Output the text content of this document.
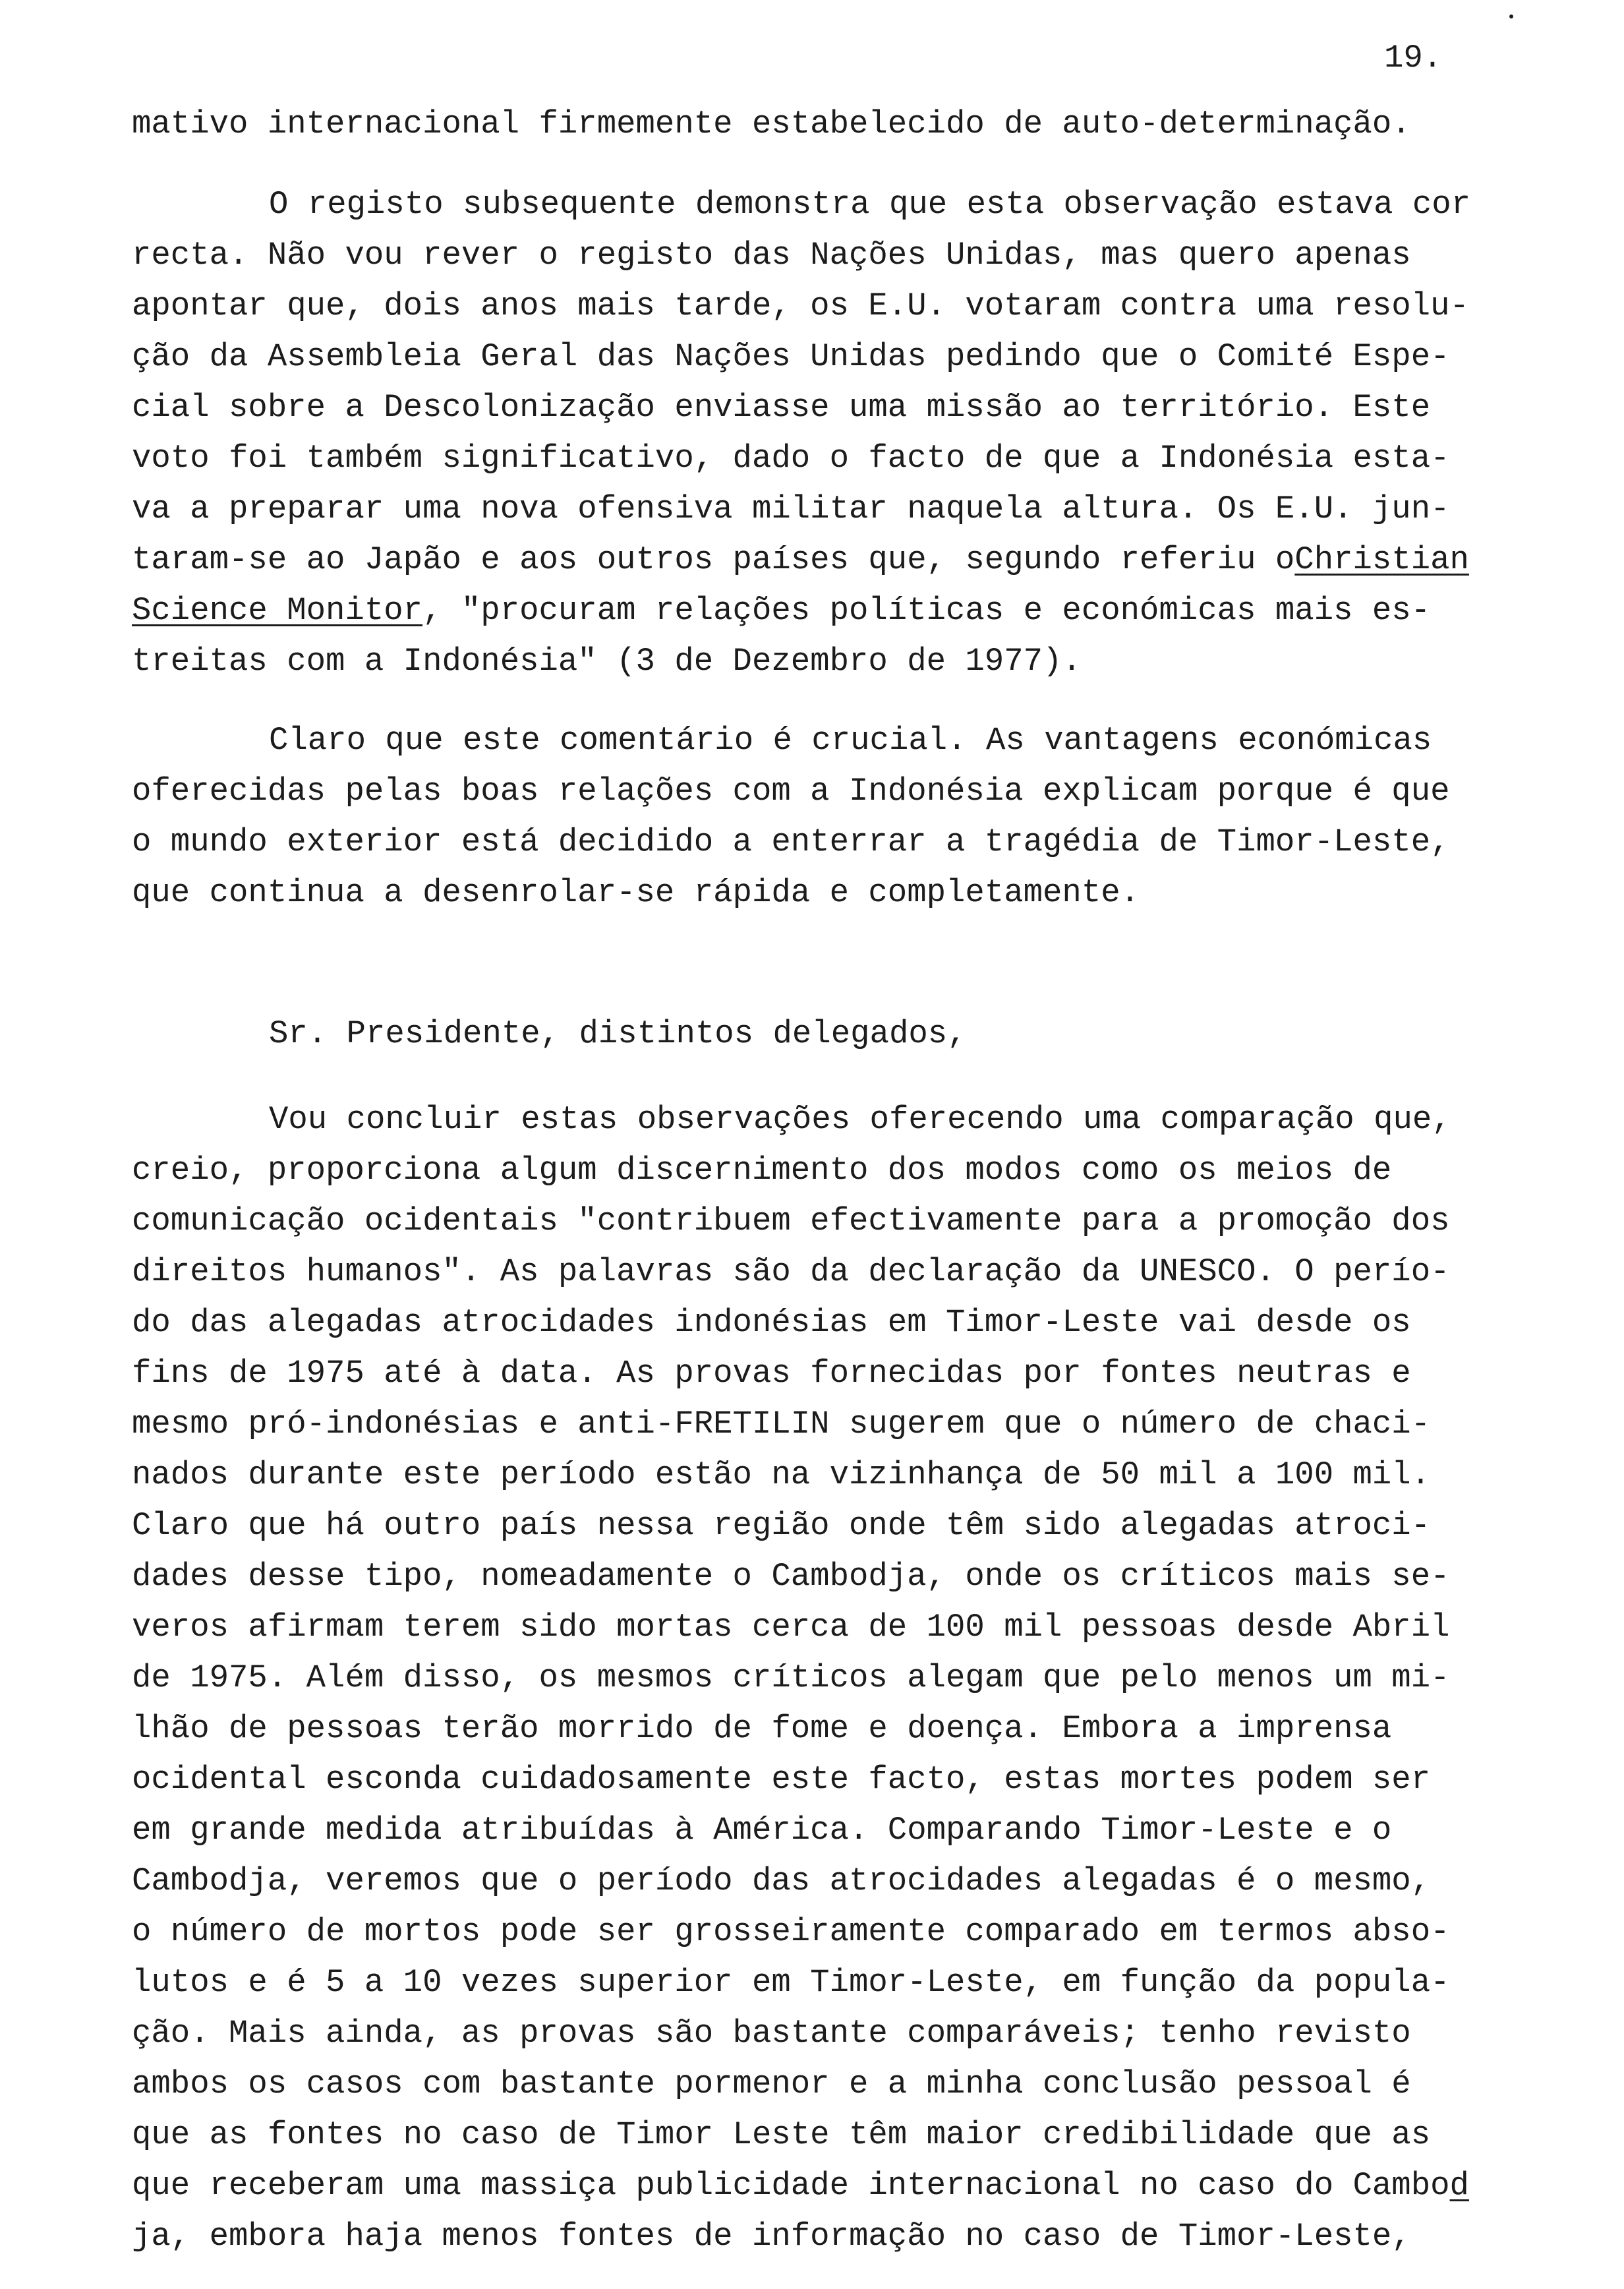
19.
mativo internacional firmemente estabelecido de auto-determinação.
O registo subsequente demonstra que esta observação estava cor
recta. Não vou rever o registo das Nações Unidas, mas quero apenas
apontar que, dois anos mais tarde, os E.U. votaram contra uma resolu-
ção da Assembleia Geral das Nações Unidas pedindo que o Comité Espe-
cial sobre a Descolonização enviasse uma missão ao território. Este
voto foi também significativo, dado o facto de que a Indonésia esta-
va a preparar uma nova ofensiva militar naquela altura. Os E.U. jun-
taram-se ao Japão e aos outros países que, segundo referiu oChristian
Science Monitor, "procuram relações políticas e económicas mais es-
treitas com a Indonésia" (3 de Dezembro de 1977).
Claro que este comentário é crucial. As vantagens económicas
oferecidas pelas boas relações com a Indonésia explicam porque é que
o mundo exterior está decidido a enterrar a tragédia de Timor-Leste,
que continua a desenrolar-se rápida e completamente.
Sr. Presidente, distintos delegados,
Vou concluir estas observações oferecendo uma comparação que,
creio, proporciona algum discernimento dos modos como os meios de
comunicação ocidentais "contribuem efectivamente para a promoção dos
direitos humanos". As palavras são da declaração da UNESCO. O perío-
do das alegadas atrocidades indonésias em Timor-Leste vai desde os
fins de 1975 até à data. As provas fornecidas por fontes neutras e
mesmo pró-indonésias e anti-FRETILIN sugerem que o número de chaci-
nados durante este período estão na vizinhança de 50 mil a 100 mil.
Claro que há outro país nessa região onde têm sido alegadas atroci-
dades desse tipo, nomeadamente o Cambodja, onde os críticos mais se-
veros afirmam terem sido mortas cerca de 100 mil pessoas desde Abril
de 1975. Além disso, os mesmos críticos alegam que pelo menos um mi-
lhão de pessoas terão morrido de fome e doença. Embora a imprensa
ocidental esconda cuidadosamente este facto, estas mortes podem ser
em grande medida atribuídas à América. Comparando Timor-Leste e o
Cambodja, veremos que o período das atrocidades alegadas é o mesmo,
o número de mortos pode ser grosseiramente comparado em termos abso-
lutos e é 5 a 10 vezes superior em Timor-Leste, em função da popula-
ção. Mais ainda, as provas são bastante comparáveis; tenho revisto
ambos os casos com bastante pormenor e a minha conclusão pessoal é
que as fontes no caso de Timor Leste têm maior credibilidade que as
que receberam uma massiça publicidade internacional no caso do Cambod
ja, embora haja menos fontes de informação no caso de Timor-Leste,
